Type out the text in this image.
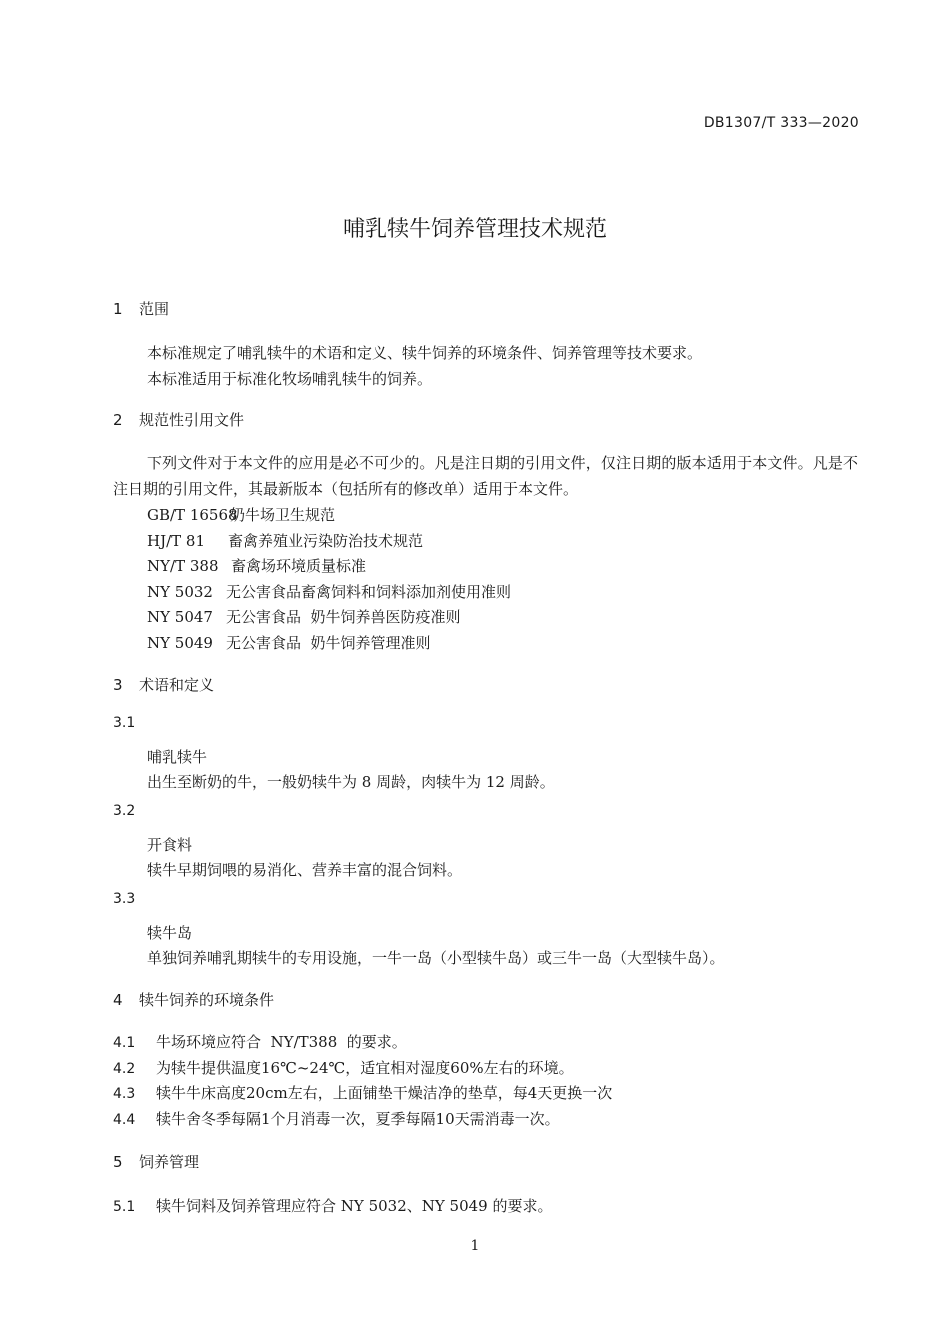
DB1307/T 333—2020
哺乳犊牛饲养管理技术规范
1 范围
本标准规定了哺乳犊牛的术语和定义、犊牛饲养的环境条件、饲养管理等技术要求。
本标准适用于标准化牧场哺乳犊牛的饲养。
2 规范性引用文件
下列文件对于本文件的应用是必不可少的。凡是注日期的引用文件，仅注日期的版本适用于本文件。凡是不注日期的引用文件，其最新版本（包括所有的修改单）适用于本文件。
GB/T 16568奶牛场卫生规范
HJ/T 81 畜禽养殖业污染防治技术规范
NY/T 388 畜禽场环境质量标准
NY 5032 无公害食品畜禽饲料和饲料添加剂使用准则
NY 5047 无公害食品  奶牛饲养兽医防疫准则
NY 5049 无公害食品  奶牛饲养管理准则
3 术语和定义
3.1
哺乳犊牛
出生至断奶的牛，一般奶犊牛为 8 周龄，肉犊牛为 12 周龄。
3.2
开食料
犊牛早期饲喂的易消化、营养丰富的混合饲料。
3.3
犊牛岛
单独饲养哺乳期犊牛的专用设施，一牛一岛（小型犊牛岛）或三牛一岛（大型犊牛岛）。
4 犊牛饲养的环境条件
4.1 牛场环境应符合  NY/T388  的要求。
4.2 为犊牛提供温度16℃~24℃，适宜相对湿度60%左右的环境。
4.3 犊牛牛床高度20cm左右，上面铺垫干燥洁净的垫草，每4天更换一次
4.4 犊牛舍冬季每隔1个月消毒一次，夏季每隔10天需消毒一次。
5 饲养管理
5.1 犊牛饲料及饲养管理应符合 NY 5032、NY 5049 的要求。
1
